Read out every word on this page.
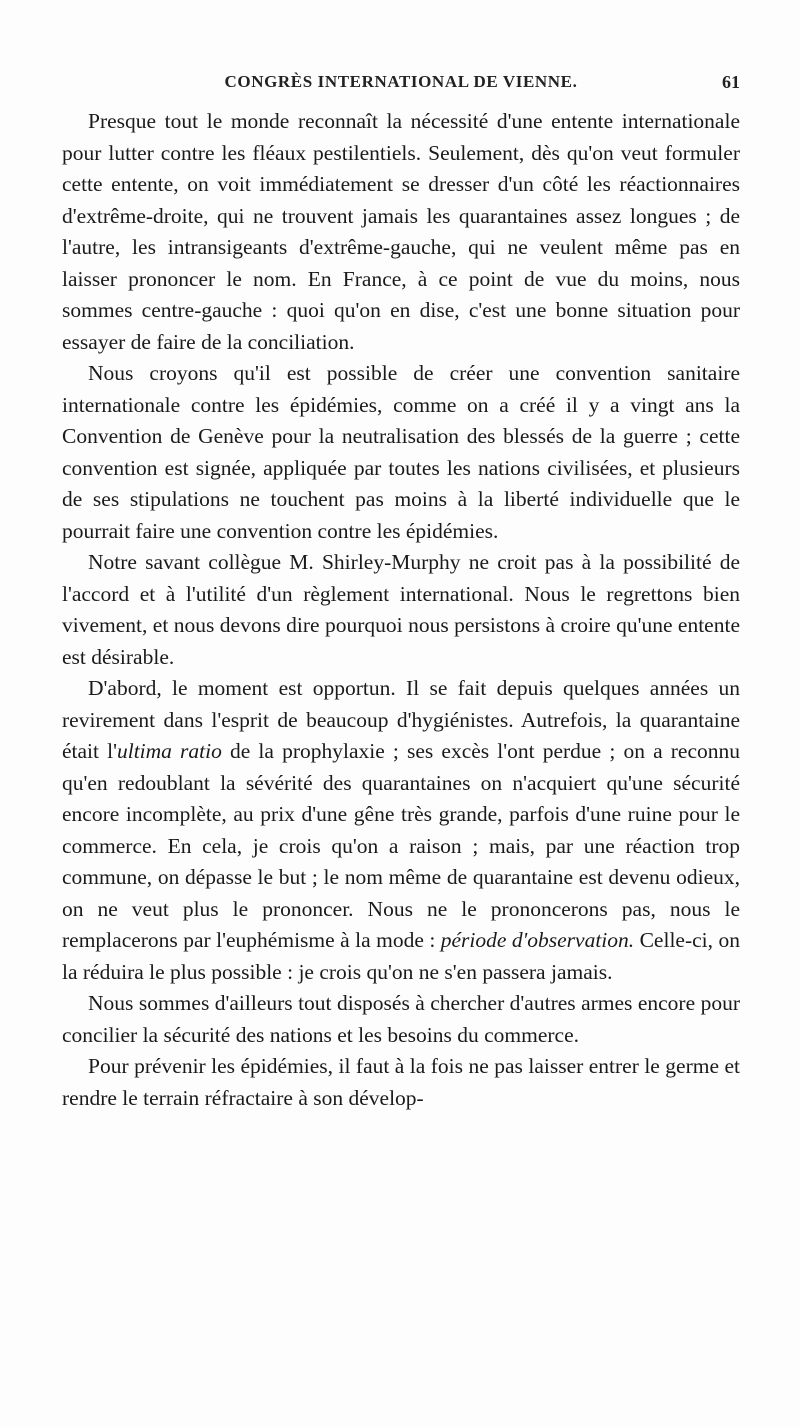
CONGRÈS INTERNATIONAL DE VIENNE.	61

Presque tout le monde reconnaît la nécessité d'une entente internationale pour lutter contre les fléaux pestilentiels. Seulement, dès qu'on veut formuler cette entente, on voit immédiatement se dresser d'un côté les réactionnaires d'extrême-droite, qui ne trouvent jamais les quarantaines assez longues ; de l'autre, les intransigeants d'extrême-gauche, qui ne veulent même pas en laisser prononcer le nom. En France, à ce point de vue du moins, nous sommes centre-gauche : quoi qu'on en dise, c'est une bonne situation pour essayer de faire de la conciliation.

Nous croyons qu'il est possible de créer une convention sanitaire internationale contre les épidémies, comme on a créé il y a vingt ans la Convention de Genève pour la neutralisation des blessés de la guerre ; cette convention est signée, appliquée par toutes les nations civilisées, et plusieurs de ses stipulations ne touchent pas moins à la liberté individuelle que le pourrait faire une convention contre les épidémies.

Notre savant collègue M. Shirley-Murphy ne croit pas à la possibilité de l'accord et à l'utilité d'un règlement international. Nous le regrettons bien vivement, et nous devons dire pourquoi nous persistons à croire qu'une entente est désirable.

D'abord, le moment est opportun. Il se fait depuis quelques années un revirement dans l'esprit de beaucoup d'hygiénistes. Autrefois, la quarantaine était l'ultima ratio de la prophylaxie ; ses excès l'ont perdue ; on a reconnu qu'en redoublant la sévérité des quarantaines on n'acquiert qu'une sécurité encore incomplète, au prix d'une gêne très grande, parfois d'une ruine pour le commerce. En cela, je crois qu'on a raison ; mais, par une réaction trop commune, on dépasse le but ; le nom même de quarantaine est devenu odieux, on ne veut plus le prononcer. Nous ne le prononcerons pas, nous le remplacerons par l'euphémisme à la mode : période d'observation. Celle-ci, on la réduira le plus possible : je crois qu'on ne s'en passera jamais.

Nous sommes d'ailleurs tout disposés à chercher d'autres armes encore pour concilier la sécurité des nations et les besoins du commerce.

Pour prévenir les épidémies, il faut à la fois ne pas laisser entrer le germe et rendre le terrain réfractaire à son dévelop-
